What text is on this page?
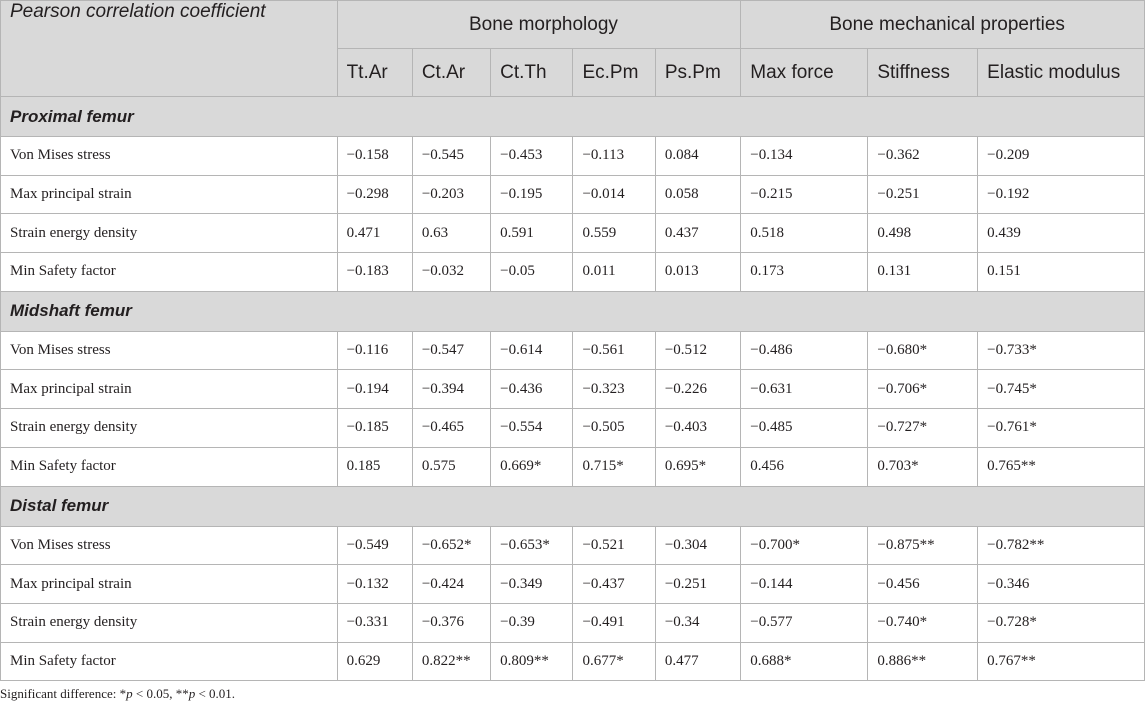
Pearson correlation coefficient	Bone morphology					Bone mechanical properties		
	Tt.Ar	Ct.Ar	Ct.Th	Ec.Pm	Ps.Pm	Max force	Stiffness	Elastic modulus
Proximal femur								
Von Mises stress	−0.158	−0.545	−0.453	−0.113	0.084	−0.134	−0.362	−0.209
Max principal strain	−0.298	−0.203	−0.195	−0.014	0.058	−0.215	−0.251	−0.192
Strain energy density	0.471	0.63	0.591	0.559	0.437	0.518	0.498	0.439
Min Safety factor	−0.183	−0.032	−0.05	0.011	0.013	0.173	0.131	0.151
Midshaft femur								
Von Mises stress	−0.116	−0.547	−0.614	−0.561	−0.512	−0.486	−0.680*	−0.733*
Max principal strain	−0.194	−0.394	−0.436	−0.323	−0.226	−0.631	−0.706*	−0.745*
Strain energy density	−0.185	−0.465	−0.554	−0.505	−0.403	−0.485	−0.727*	−0.761*
Min Safety factor	0.185	0.575	0.669*	0.715*	0.695*	0.456	0.703*	0.765**
Distal femur								
Von Mises stress	−0.549	−0.652*	−0.653*	−0.521	−0.304	−0.700*	−0.875**	−0.782**
Max principal strain	−0.132	−0.424	−0.349	−0.437	−0.251	−0.144	−0.456	−0.346
Strain energy density	−0.331	−0.376	−0.39	−0.491	−0.34	−0.577	−0.740*	−0.728*
Min Safety factor	0.629	0.822**	0.809**	0.677*	0.477	0.688*	0.886**	0.767**
Significant difference: *p < 0.05, **p < 0.01.
